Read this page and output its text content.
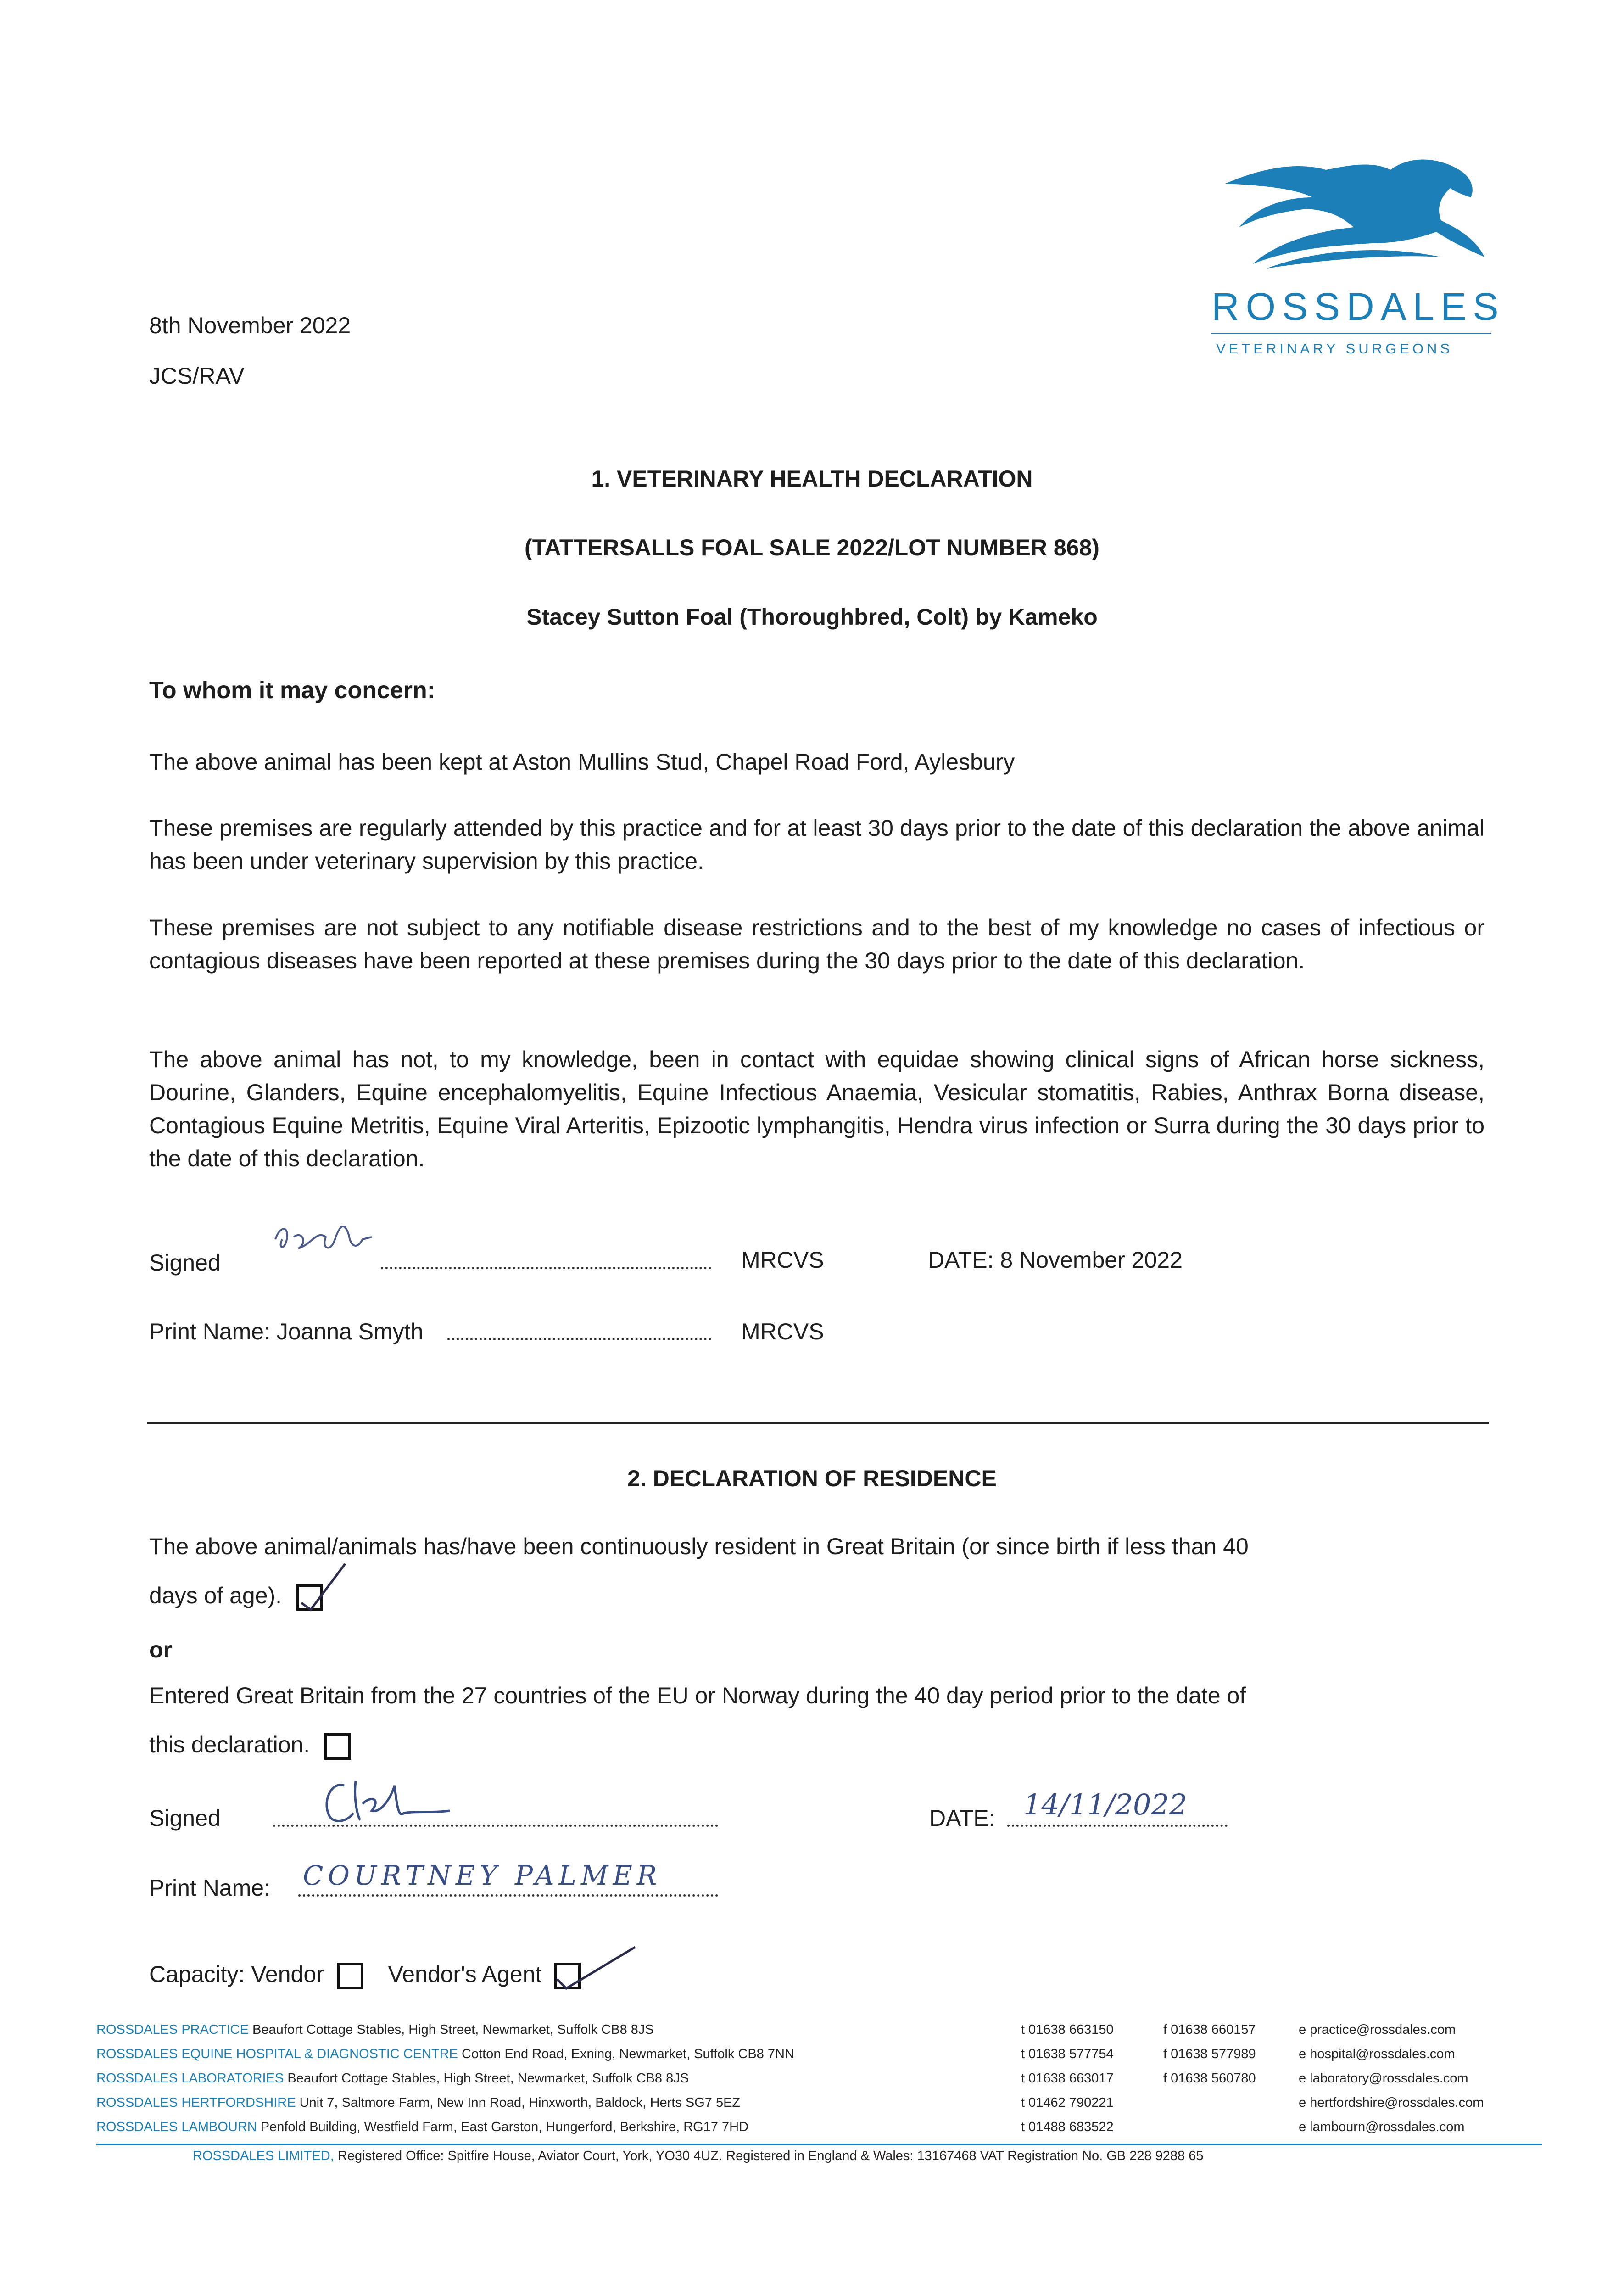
ROSSDALES
VETERINARY SURGEONS
8th November 2022
JCS/RAV
1. VETERINARY HEALTH DECLARATION
(TATTERSALLS FOAL SALE 2022/LOT NUMBER 868)
Stacey Sutton Foal (Thoroughbred, Colt) by Kameko
To whom it may concern:
The above animal has been kept at Aston Mullins Stud, Chapel Road Ford, Aylesbury
These premises are regularly attended by this practice and for at least 30 days prior to the date of this declaration the above animal has been under veterinary supervision by this practice.
These premises are not subject to any notifiable disease restrictions and to the best of my knowledge no cases of infectious or contagious diseases have been reported at these premises during the 30 days prior to the date of this declaration.
The above animal has not, to my knowledge, been in contact with equidae showing clinical signs of African horse sickness, Dourine, Glanders, Equine encephalomyelitis, Equine Infectious Anaemia, Vesicular stomatitis, Rabies, Anthrax Borna disease, Contagious Equine Metritis, Equine Viral Arteritis, Epizootic lymphangitis, Hendra virus infection or Surra during the 30 days prior to the date of this declaration.
Signed	MRCVS	DATE: 8 November 2022
Print Name: Joanna Smyth	MRCVS
2. DECLARATION OF RESIDENCE
The above animal/animals has/have been continuously resident in Great Britain (or since birth if less than 40
days of age).
or
Entered Great Britain from the 27 countries of the EU or Norway during the 40 day period prior to the date of
this declaration.
Signed	DATE: 14/11/2022
Print Name: COURTNEY PALMER
Capacity: Vendor	Vendor's Agent
ROSSDALES PRACTICE Beaufort Cottage Stables, High Street, Newmarket, Suffolk CB8 8JS	t 01638 663150	f 01638 660157	e practice@rossdales.com
ROSSDALES EQUINE HOSPITAL & DIAGNOSTIC CENTRE Cotton End Road, Exning, Newmarket, Suffolk CB8 7NN	t 01638 577754	f 01638 577989	e hospital@rossdales.com
ROSSDALES LABORATORIES Beaufort Cottage Stables, High Street, Newmarket, Suffolk CB8 8JS	t 01638 663017	f 01638 560780	e laboratory@rossdales.com
ROSSDALES HERTFORDSHIRE Unit 7, Saltmore Farm, New Inn Road, Hinxworth, Baldock, Herts SG7 5EZ	t 01462 790221	e hertfordshire@rossdales.com
ROSSDALES LAMBOURN Penfold Building, Westfield Farm, East Garston, Hungerford, Berkshire, RG17 7HD	t 01488 683522	e lambourn@rossdales.com
ROSSDALES LIMITED, Registered Office: Spitfire House, Aviator Court, York, YO30 4UZ. Registered in England & Wales: 13167468 VAT Registration No. GB 228 9288 65
